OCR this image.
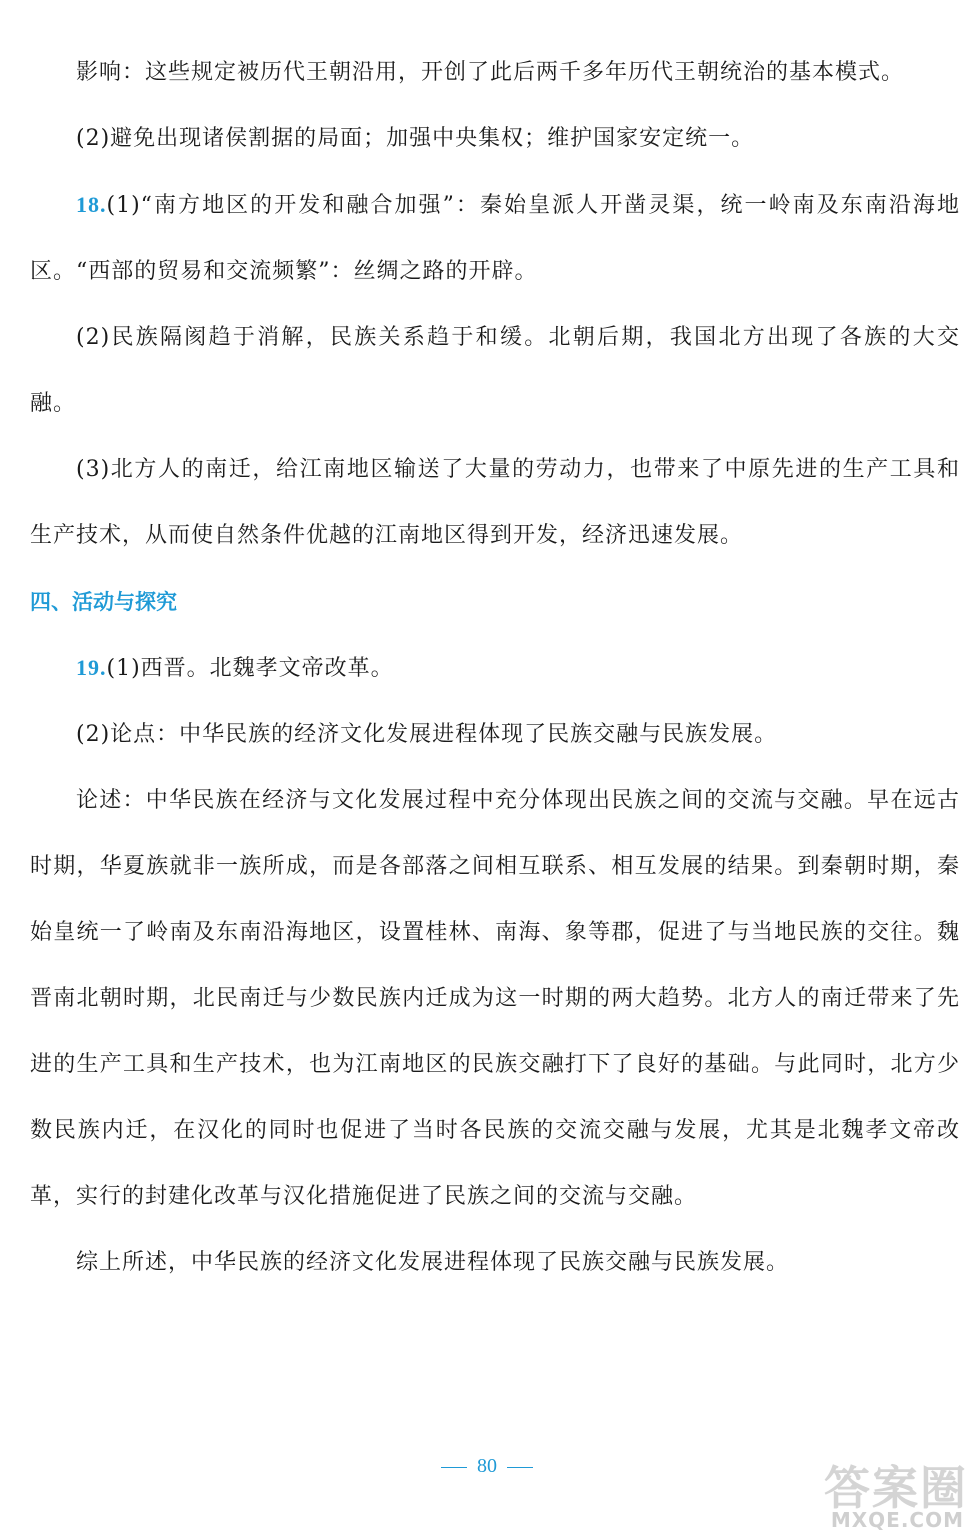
影响：这些规定被历代王朝沿用，开创了此后两千多年历代王朝统治的基本模式。

(2)避免出现诸侯割据的局面；加强中央集权；维护国家安定统一。

18.(1)“南方地区的开发和融合加强”：秦始皇派人开凿灵渠，统一岭南及东南沿海地区。“西部的贸易和交流频繁”：丝绸之路的开辟。

(2)民族隔阂趋于消解，民族关系趋于和缓。北朝后期，我国北方出现了各族的大交融。

(3)北方人的南迁，给江南地区输送了大量的劳动力，也带来了中原先进的生产工具和生产技术，从而使自然条件优越的江南地区得到开发，经济迅速发展。

四、活动与探究

19.(1)西晋。北魏孝文帝改革。

(2)论点：中华民族的经济文化发展进程体现了民族交融与民族发展。

论述：中华民族在经济与文化发展过程中充分体现出民族之间的交流与交融。早在远古时期，华夏族就非一族所成，而是各部落之间相互联系、相互发展的结果。到秦朝时期，秦始皇统一了岭南及东南沿海地区，设置桂林、南海、象等郡，促进了与当地民族的交往。魏晋南北朝时期，北民南迁与少数民族内迁成为这一时期的两大趋势。北方人的南迁带来了先进的生产工具和生产技术，也为江南地区的民族交融打下了良好的基础。与此同时，北方少数民族内迁，在汉化的同时也促进了当时各民族的交流交融与发展，尤其是北魏孝文帝改革，实行的封建化改革与汉化措施促进了民族之间的交流与交融。

综上所述，中华民族的经济文化发展进程体现了民族交融与民族发展。

80	答案圈
MXQE.COM
